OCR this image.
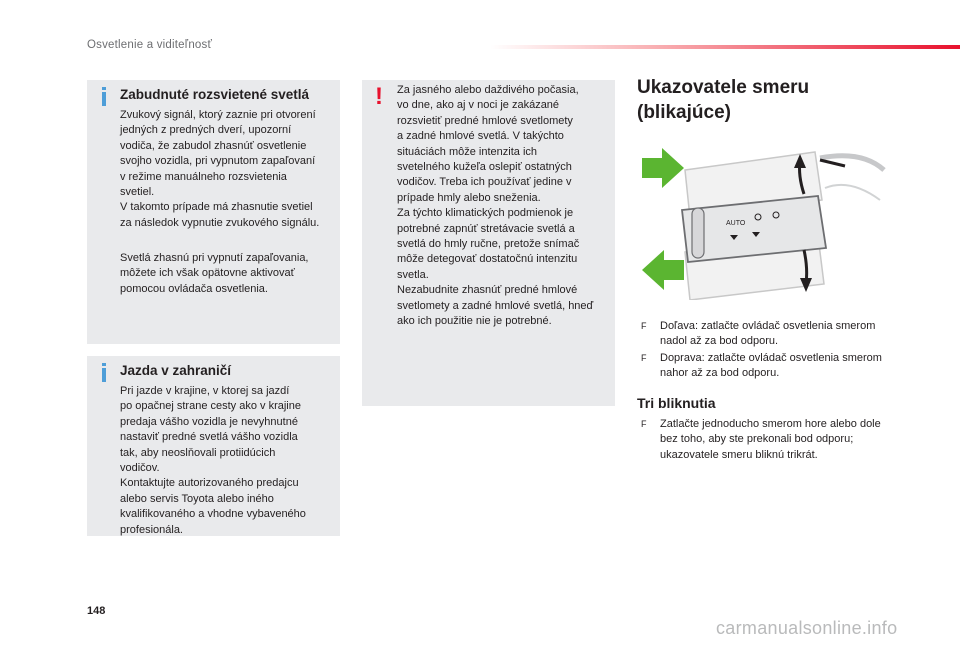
Osvetlenie a viditeľnosť
Zabudnuté rozsvietené svetlá

Zvukový signál, ktorý zaznie pri otvorení
jedných z predných dverí, upozorní
vodiča, že zabudol zhasnúť osvetlenie
svojho vozidla, pri vypnutom zapaľovaní
v režime manuálneho rozsvietenia
svetiel.
V takomto prípade má zhasnutie svetiel
za následok vypnutie zvukového signálu.

Svetlá zhasnú pri vypnutí zapaľovania,
môžete ich však opätovne aktivovať
pomocou ovládača osvetlenia.

Jazda v zahraničí

Pri jazde v krajine, v ktorej sa jazdí
po opačnej strane cesty ako v krajine
predaja vášho vozidla je nevyhnutné
nastaviť predné svetlá vášho vozidla
tak, aby neoslňovali protiidúcich
vodičov.
Kontaktujte autorizovaného predajcu
alebo servis Toyota alebo iného
kvalifikovaného a vhodne vybaveného
profesionála.

! Za jasného alebo daždivého počasia,
vo dne, ako aj v noci je zakázané
rozsvietiť predné hmlové svetlomety
a zadné hmlové svetlá. V takýchto
situáciách môže intenzita ich
svetelného kužeľa oslepiť ostatných
vodičov. Treba ich používať jedine v
prípade hmly alebo sneženia.
Za týchto klimatických podmienok je
potrebné zapnúť stretávacie svetlá a
svetlá do hmly ručne, pretože snímač
môže detegovať dostatočnú intenzitu
svetla.
Nezabudnite zhasnúť predné hmlové
svetlomety a zadné hmlové svetlá, hneď
ako ich použitie nie je potrebné.

Ukazovatele smeru
(blikajúce)
AUTO
F	Doľava: zatlačte ovládač osvetlenia smerom nadol až za bod odporu.
F	Doprava: zatlačte ovládač osvetlenia smerom nahor až za bod odporu.
Tri bliknutia
F	Zatlačte jednoducho smerom hore alebo dole bez toho, aby ste prekonali bod odporu; ukazovatele smeru bliknú trikrát.
148
carmanualsonline.info
